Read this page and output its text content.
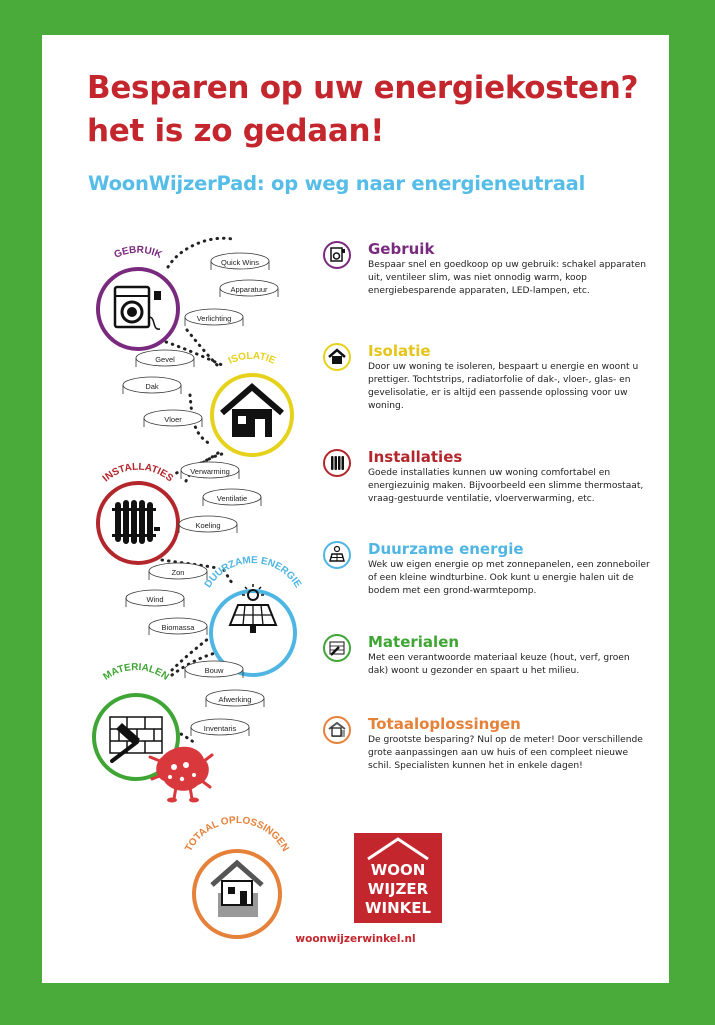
Besparen op uw energiekosten?
het is zo gedaan!
WoonWijzerPad: op weg naar energieneutraal
GEBRUIK
Quick Wins
Apparatuur
Verlichting
ISOLATIE
Gevel
Dak
Vloer
INSTALLATIES
Verwarming
Ventilatie
Koeling
DUURZAME ENERGIE
Zon
Wind
Biomassa
MATERIALEN	Bouw
Afwerking
Inventaris
TOTAAL OPLOSSINGEN
Gebruik

Bespaar snel en goedkoop op uw gebruik: schakel apparaten uit, ventileer slim, was niet onnodig warm, koop energiebesparende apparaten, LED-lampen, etc.

Isolatie

Door uw woning te isoleren, bespaart u energie en woont u prettiger. Tochtstrips, radiatorfolie of dak-, vloer-, glas- en gevelisolatie, er is altijd een passende oplossing voor uw woning.

Installaties

Goede installaties kunnen uw woning comfortabel en energiezuinig maken. Bijvoorbeeld een slimme thermostaat, vraag-gestuurde ventilatie, vloerverwarming, etc.

Duurzame energie

Wek uw eigen energie op met zonnepanelen, een zonneboiler of een kleine windturbine. Ook kunt u energie halen uit de bodem met een grond-warmtepomp.

Materialen

Met een verantwoorde materiaal keuze (hout, verf, groen dak) woont u gezonder en spaart u het milieu.

Totaaloplossingen

De grootste besparing? Nul op de meter! Door verschillende grote aanpassingen aan uw huis of een compleet nieuwe schil. Specialisten kunnen het in enkele dagen!

WOON
WIJZER
WINKEL
woonwijzerwinkel.nl
